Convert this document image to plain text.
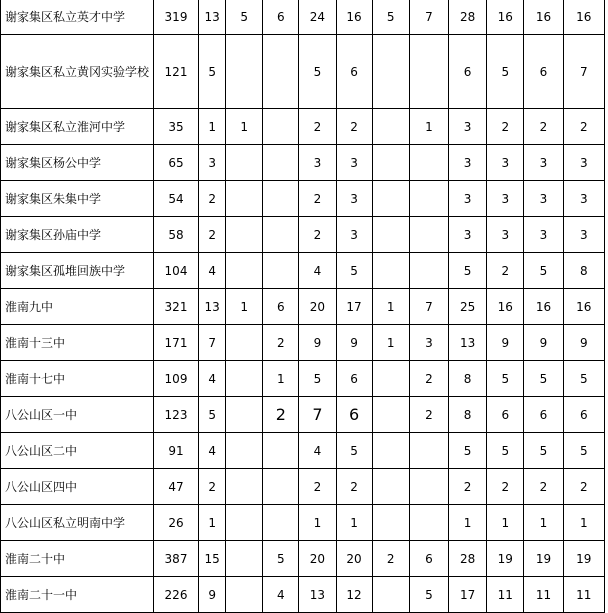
谢家集区私立英才中学	319	13	5	6	24	16	5	7	28	16	16	16
谢家集区私立黄冈实验学校	121	5			5	6			6	5	6	7
谢家集区私立淮河中学	35	1	1		2	2		1	3	2	2	2
谢家集区杨公中学	65	3			3	3			3	3	3	3
谢家集区朱集中学	54	2			2	3			3	3	3	3
谢家集区孙庙中学	58	2			2	3			3	3	3	3
谢家集区孤堆回族中学	104	4			4	5			5	2	5	8
淮南九中	321	13	1	6	20	17	1	7	25	16	16	16
淮南十三中	171	7		2	9	9	1	3	13	9	9	9
淮南十七中	109	4		1	5	6		2	8	5	5	5
八公山区一中	123	5		2	7	6		2	8	6	6	6
八公山区二中	91	4			4	5			5	5	5	5
八公山区四中	47	2			2	2			2	2	2	2
八公山区私立明南中学	26	1			1	1			1	1	1	1
淮南二十中	387	15		5	20	20	2	6	28	19	19	19
淮南二十一中	226	9		4	13	12		5	17	11	11	11
